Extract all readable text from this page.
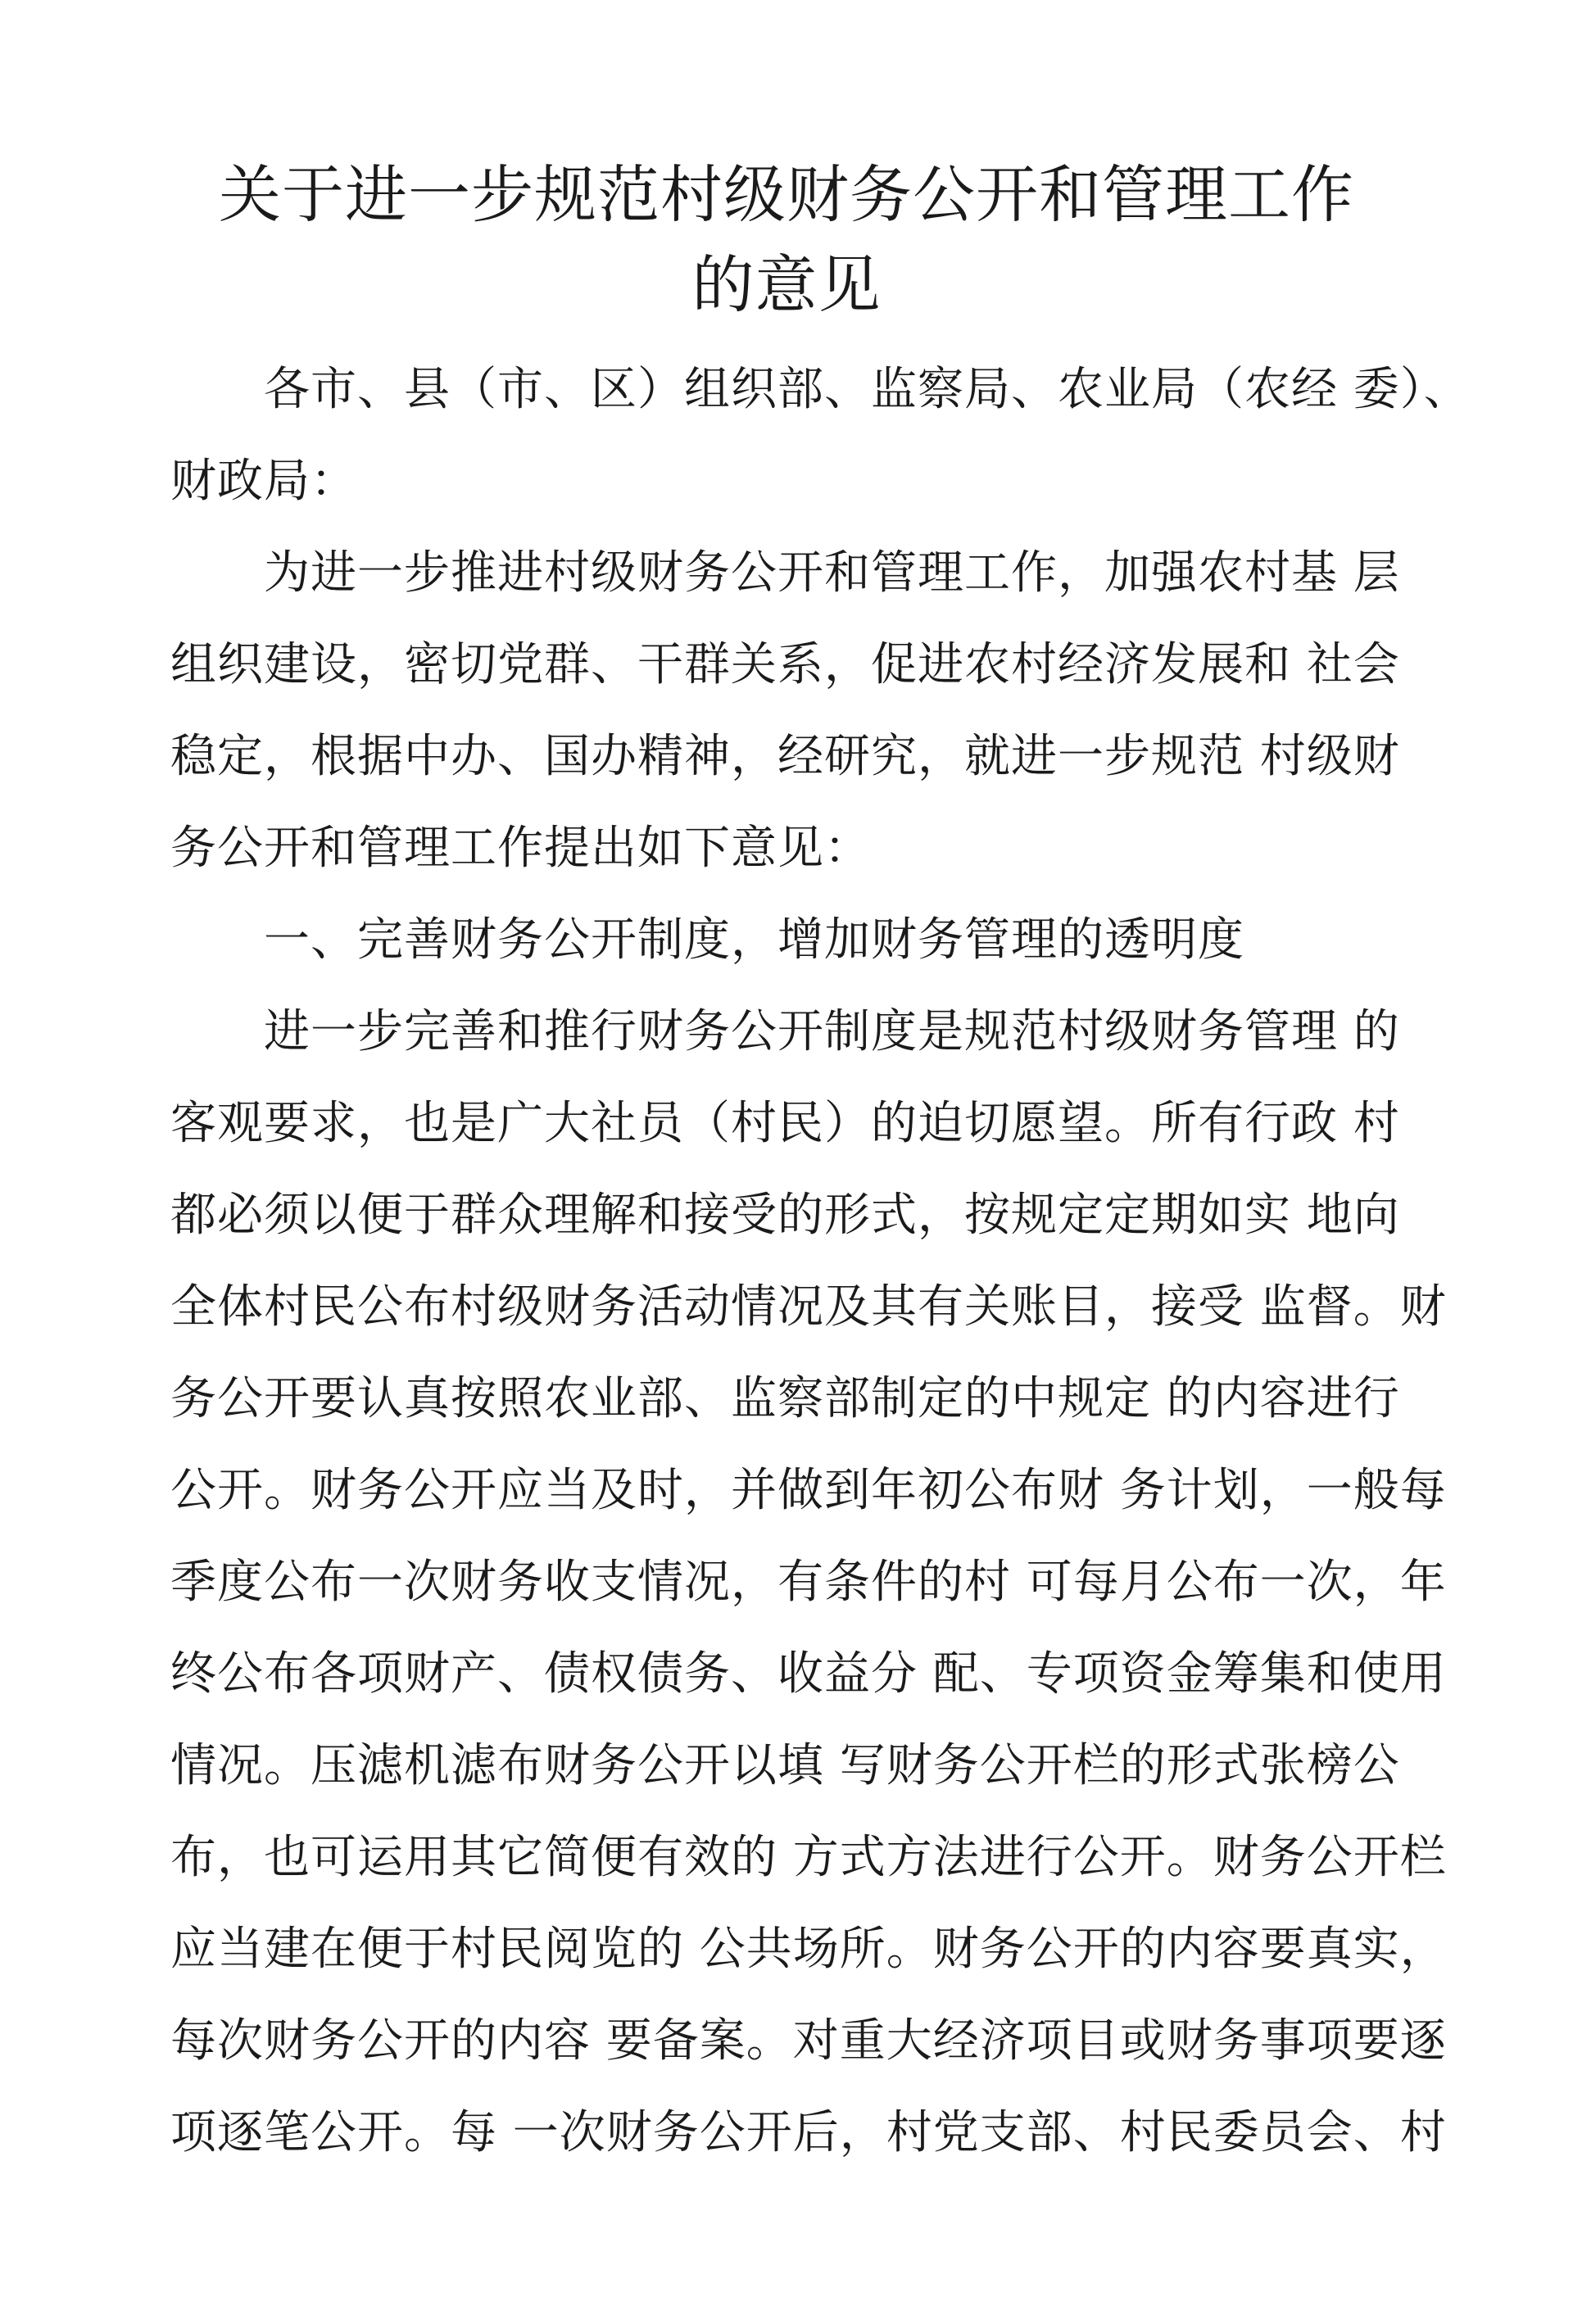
关于进一步规范村级财务公开和管理工作
的意见
各市、县（市、区）组织部、监察局、农业局（农经 委）、
财政局：
为进一步推进村级财务公开和管理工作，加强农村基 层
组织建设，密切党群、干群关系，促进农村经济发展和 社会
稳定，根据中办、国办精神，经研究，就进一步规范 村级财
务公开和管理工作提出如下意见：
一、完善财务公开制度，增加财务管理的透明度
进一步完善和推行财务公开制度是规范村级财务管理 的
客观要求，也是广大社员（村民）的迫切愿望。所有行政 村
都必须以便于群众理解和接受的形式，按规定定期如实 地向
全体村民公布村级财务活动情况及其有关账目，接受 监督。财
务公开要认真按照农业部、监察部制定的中规定 的内容进行
公开。财务公开应当及时，并做到年初公布财 务计划，一般每
季度公布一次财务收支情况，有条件的村 可每月公布一次，年
终公布各项财产、债权债务、收益分 配、专项资金筹集和使用
情况。压滤机滤布财务公开以填 写财务公开栏的形式张榜公
布，也可运用其它简便有效的 方式方法进行公开。财务公开栏
应当建在便于村民阅览的 公共场所。财务公开的内容要真实，
每次财务公开的内容 要备案。对重大经济项目或财务事项要逐
项逐笔公开。每 一次财务公开后，村党支部、村民委员会、村
